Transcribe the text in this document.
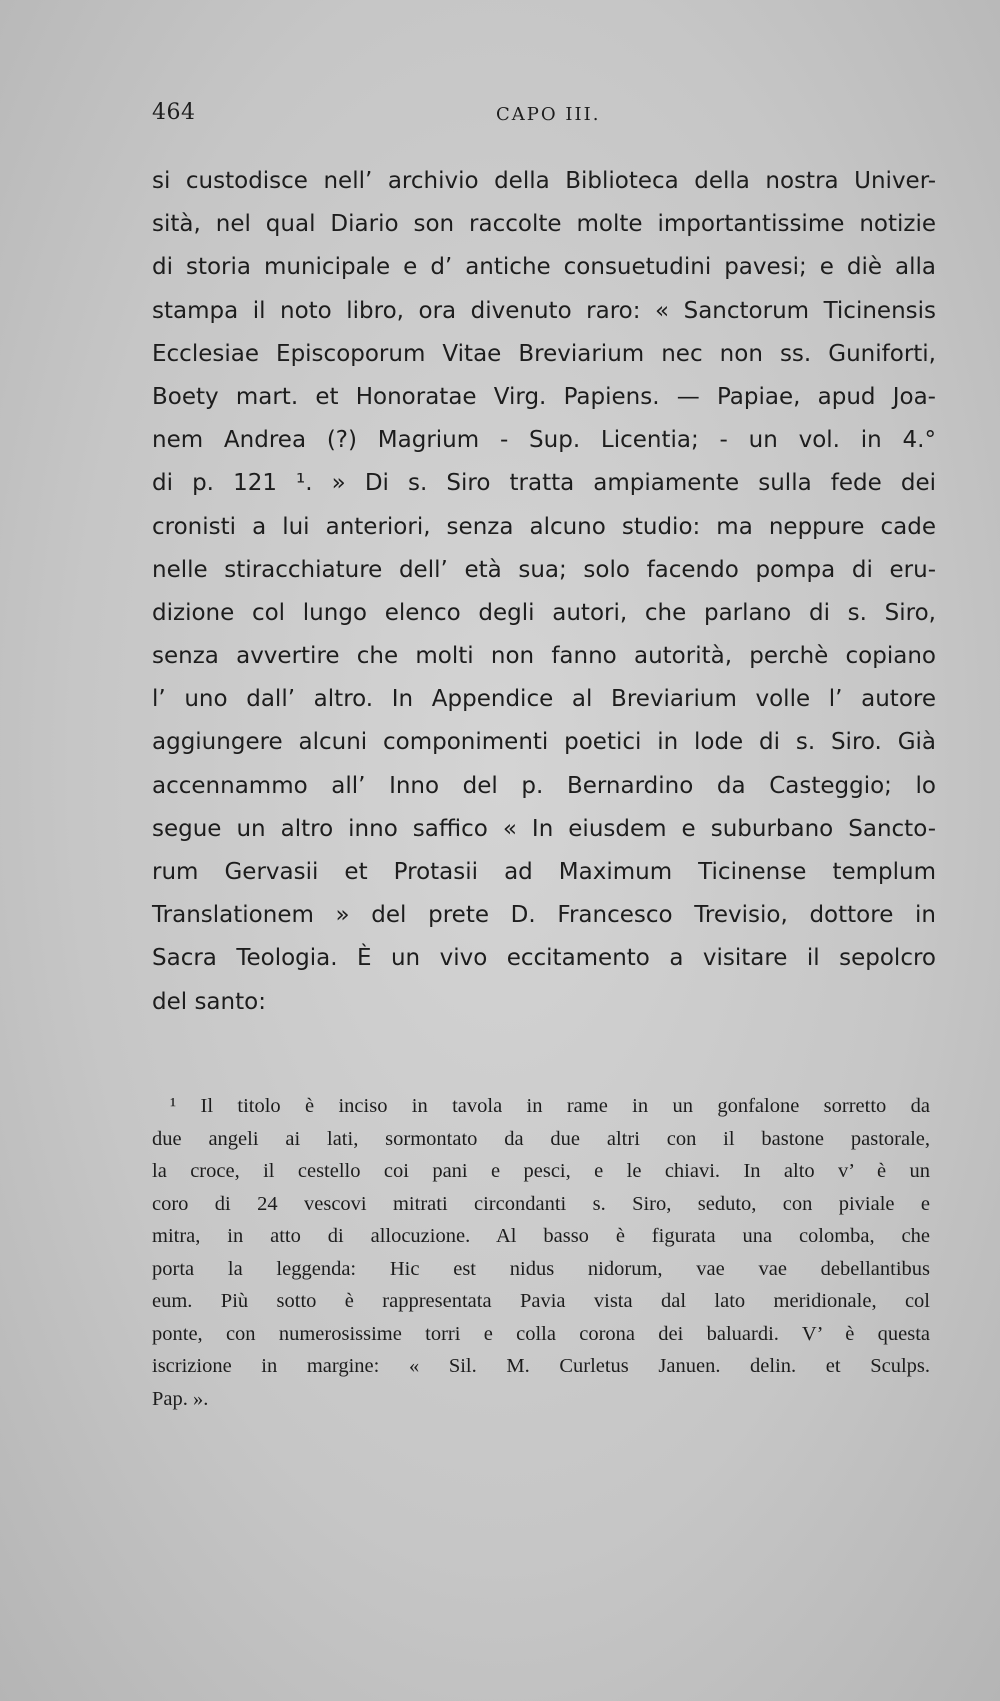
464	CAPO III.
si custodisce nell’ archivio della Biblioteca della nostra Univer-
sità, nel qual Diario son raccolte molte importantissime notizie
di storia municipale e d’ antiche consuetudini pavesi; e diè alla
stampa il noto libro, ora divenuto raro: « Sanctorum Ticinensis
Ecclesiae Episcoporum Vitae Breviarium nec non ss. Guniforti,
Boety mart. et Honoratae Virg. Papiens. — Papiae, apud Joa-
nem Andrea (?) Magrium - Sup. Licentia; - un vol. in 4.°
di p. 121 ¹. » Di s. Siro tratta ampiamente sulla fede dei
cronisti a lui anteriori, senza alcuno studio: ma neppure cade
nelle stiracchiature dell’ età sua; solo facendo pompa di eru-
dizione col lungo elenco degli autori, che parlano di s. Siro,
senza avvertire che molti non fanno autorità, perchè copiano
l’ uno dall’ altro. In Appendice al Breviarium volle l’ autore
aggiungere alcuni componimenti poetici in lode di s. Siro. Già
accennammo all’ Inno del p. Bernardino da Casteggio; lo
segue un altro inno saffico « In eiusdem e suburbano Sancto-
rum Gervasii et Protasii ad Maximum Ticinense templum
Translationem » del prete D. Francesco Trevisio, dottore in
Sacra Teologia. È un vivo eccitamento a visitare il sepolcro
del santo:
¹ Il titolo è inciso in tavola in rame in un gonfalone sorretto da
due angeli ai lati, sormontato da due altri con il bastone pastorale,
la croce, il cestello coi pani e pesci, e le chiavi. In alto v’ è un
coro di 24 vescovi mitrati circondanti s. Siro, seduto, con piviale e
mitra, in atto di allocuzione. Al basso è figurata una colomba, che
porta la leggenda: Hic est nidus nidorum, vae vae debellantibus
eum. Più sotto è rappresentata Pavia vista dal lato meridionale, col
ponte, con numerosissime torri e colla corona dei baluardi. V’ è questa
iscrizione in margine: « Sil. M. Curletus Januen. delin. et Sculps.
Pap. ».
